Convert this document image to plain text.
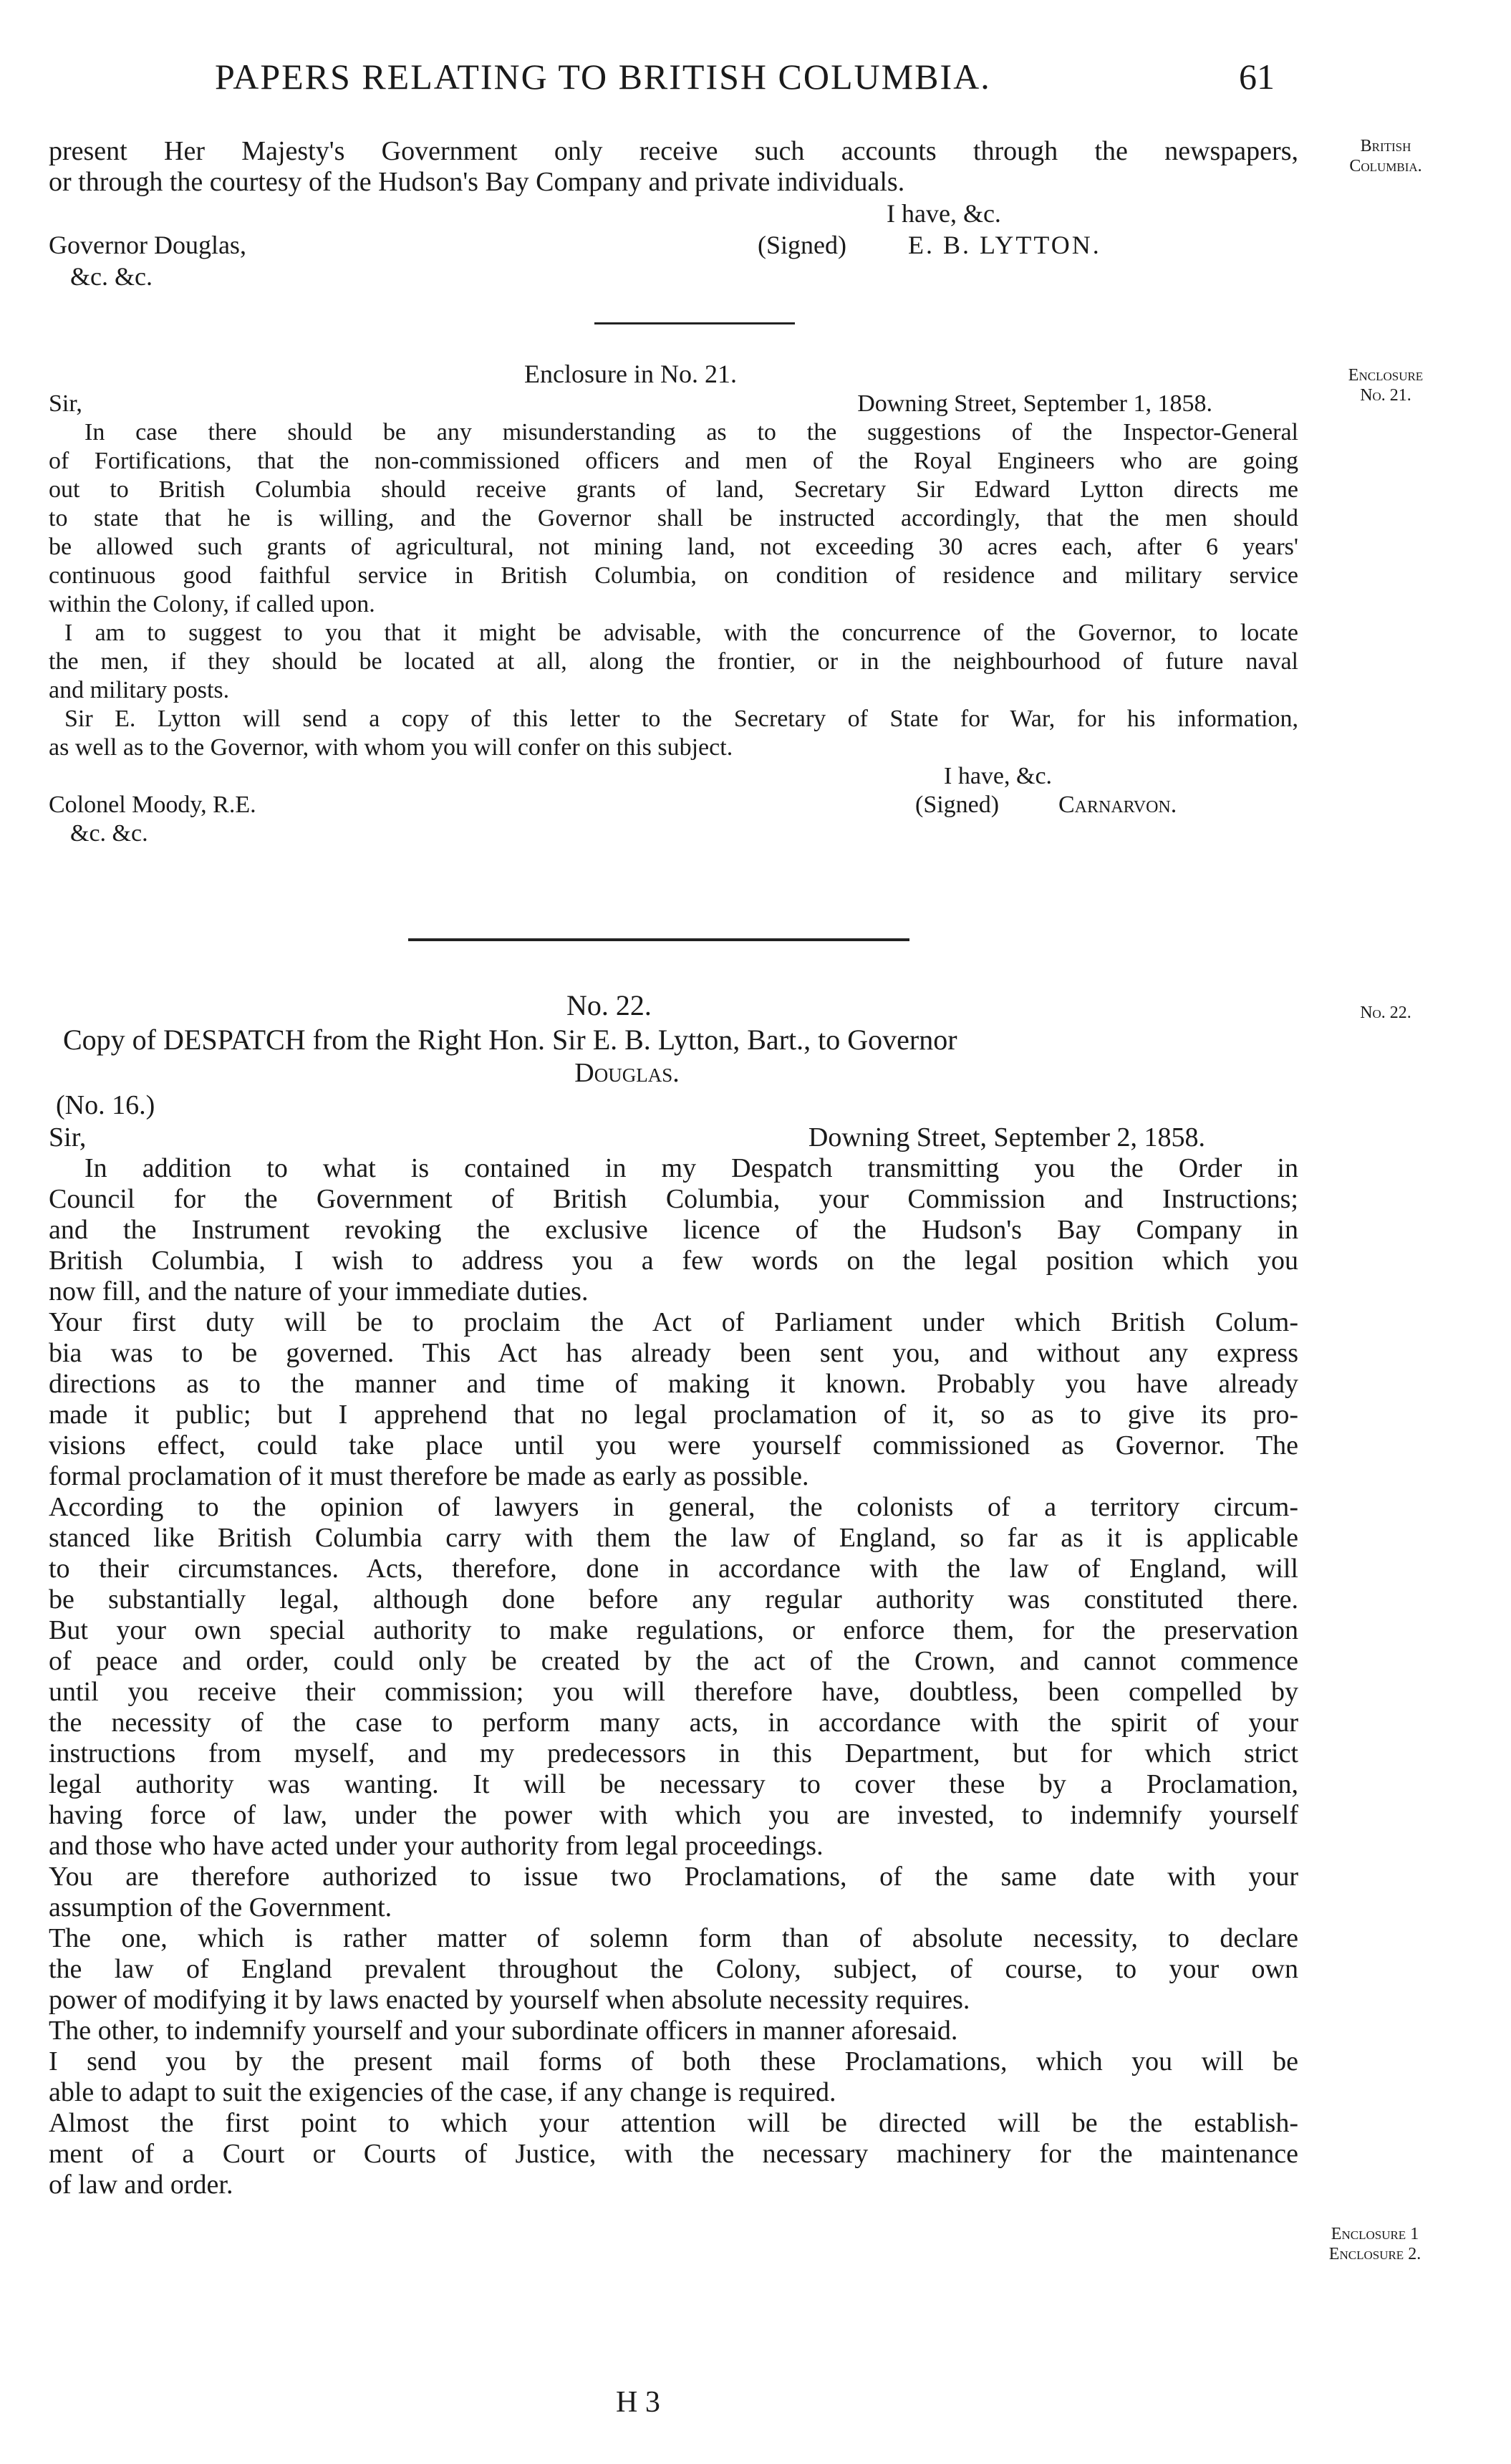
PAPERS RELATING TO BRITISH COLUMBIA.	61
British Columbia.
Enclosure
No. 21.
No. 22.
Enclosure 1
Enclosure 2.
present Her Majesty's Government only receive such accounts through the newspapers,
or through the courtesy of the Hudson's Bay Company and private individuals.
I have, &c.
Governor Douglas,	(Signed)	E. B. LYTTON.
&c. &c.
Enclosure in No. 21.
Sir,	Downing Street, September 1, 1858.
In case there should be any misunderstanding as to the suggestions of the Inspector-General
of Fortifications, that the non-commissioned officers and men of the Royal Engineers who are going
out to British Columbia should receive grants of land, Secretary Sir Edward Lytton directs me
to state that he is willing, and the Governor shall be instructed accordingly, that the men should
be allowed such grants of agricultural, not mining land, not exceeding 30 acres each, after 6 years'
continuous good faithful service in British Columbia, on condition of residence and military service
within the Colony, if called upon.
I am to suggest to you that it might be advisable, with the concurrence of the Governor, to locate
the men, if they should be located at all, along the frontier, or in the neighbourhood of future naval
and military posts.
Sir E. Lytton will send a copy of this letter to the Secretary of State for War, for his information,
as well as to the Governor, with whom you will confer on this subject.
I have, &c.
Colonel Moody, R.E.	(Signed)	Carnarvon.
&c. &c.
No. 22.
Copy of DESPATCH from the Right Hon. Sir E. B. Lytton, Bart., to Governor
Douglas.
(No. 16.)
Sir,	Downing Street, September 2, 1858.
In addition to what is contained in my Despatch transmitting you the Order in
Council for the Government of British Columbia, your Commission and Instructions;
and the Instrument revoking the exclusive licence of the Hudson's Bay Company in
British Columbia, I wish to address you a few words on the legal position which you
now fill, and the nature of your immediate duties.
Your first duty will be to proclaim the Act of Parliament under which British Colum-
bia was to be governed. This Act has already been sent you, and without any express
directions as to the manner and time of making it known. Probably you have already
made it public; but I apprehend that no legal proclamation of it, so as to give its pro-
visions effect, could take place until you were yourself commissioned as Governor. The
formal proclamation of it must therefore be made as early as possible.
According to the opinion of lawyers in general, the colonists of a territory circum-
stanced like British Columbia carry with them the law of England, so far as it is applicable
to their circumstances. Acts, therefore, done in accordance with the law of England, will
be substantially legal, although done before any regular authority was constituted there.
But your own special authority to make regulations, or enforce them, for the preservation
of peace and order, could only be created by the act of the Crown, and cannot commence
until you receive their commission; you will therefore have, doubtless, been compelled by
the necessity of the case to perform many acts, in accordance with the spirit of your
instructions from myself, and my predecessors in this Department, but for which strict
legal authority was wanting. It will be necessary to cover these by a Proclamation,
having force of law, under the power with which you are invested, to indemnify yourself
and those who have acted under your authority from legal proceedings.
You are therefore authorized to issue two Proclamations, of the same date with your
assumption of the Government.
The one, which is rather matter of solemn form than of absolute necessity, to declare
the law of England prevalent throughout the Colony, subject, of course, to your own
power of modifying it by laws enacted by yourself when absolute necessity requires.
The other, to indemnify yourself and your subordinate officers in manner aforesaid.
I send you by the present mail forms of both these Proclamations, which you will be
able to adapt to suit the exigencies of the case, if any change is required.
Almost the first point to which your attention will be directed will be the establish-
ment of a Court or Courts of Justice, with the necessary machinery for the maintenance
of law and order.
H 3
